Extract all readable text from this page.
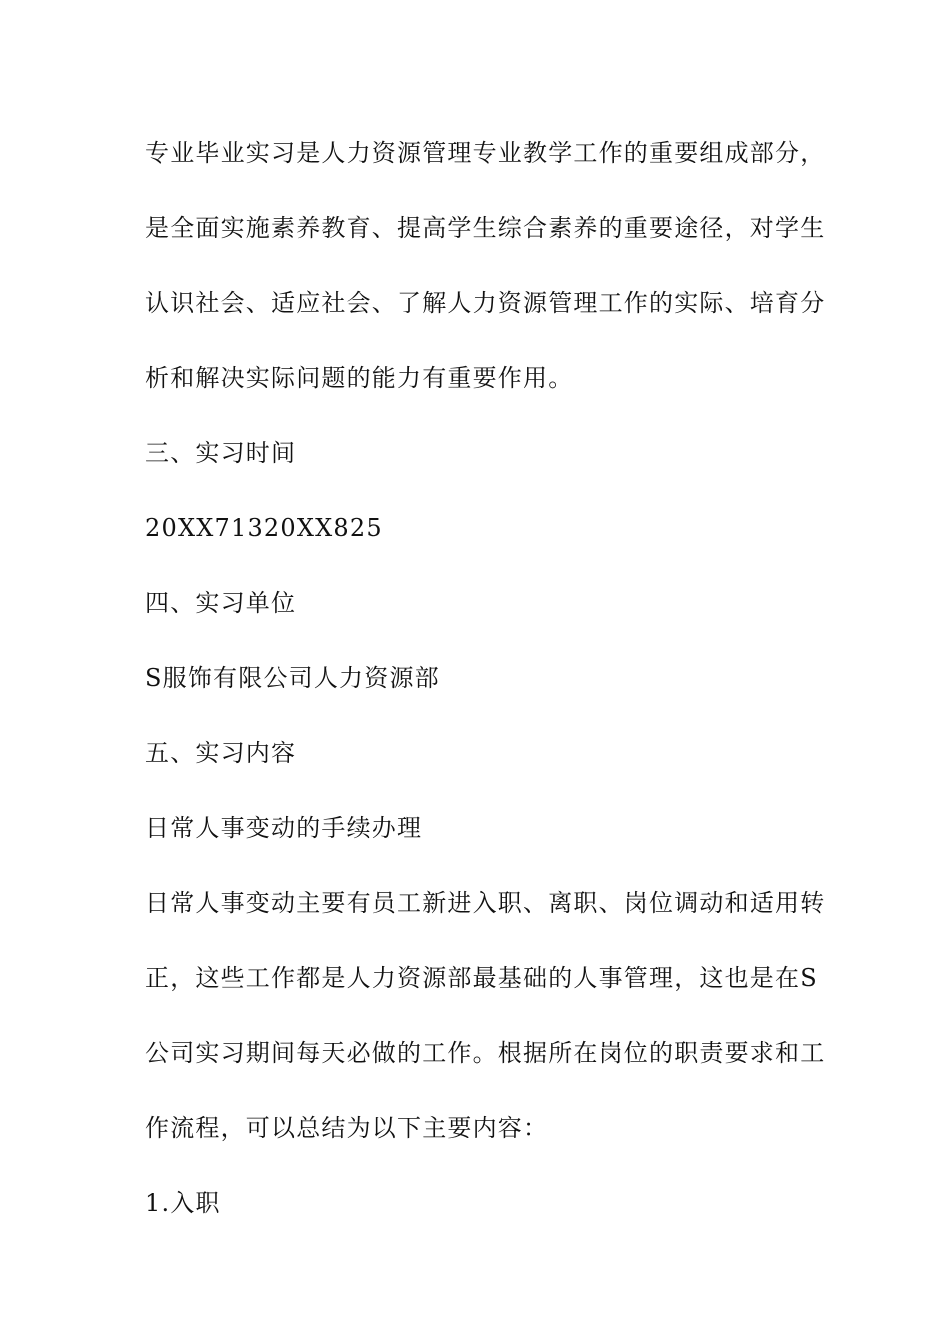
专业毕业实习是人力资源管理专业教学工作的重要组成部分，
是全面实施素养教育、提高学生综合素养的重要途径，对学生
认识社会、适应社会、了解人力资源管理工作的实际、培育分
析和解决实际问题的能力有重要作用。
三、实习时间
20XX71320XX825
四、实习单位
S服饰有限公司人力资源部
五、实习内容
日常人事变动的手续办理
日常人事变动主要有员工新进入职、离职、岗位调动和适用转
正，这些工作都是人力资源部最基础的人事管理，这也是在S
公司实习期间每天必做的工作。根据所在岗位的职责要求和工
作流程，可以总结为以下主要内容：
1.入职
